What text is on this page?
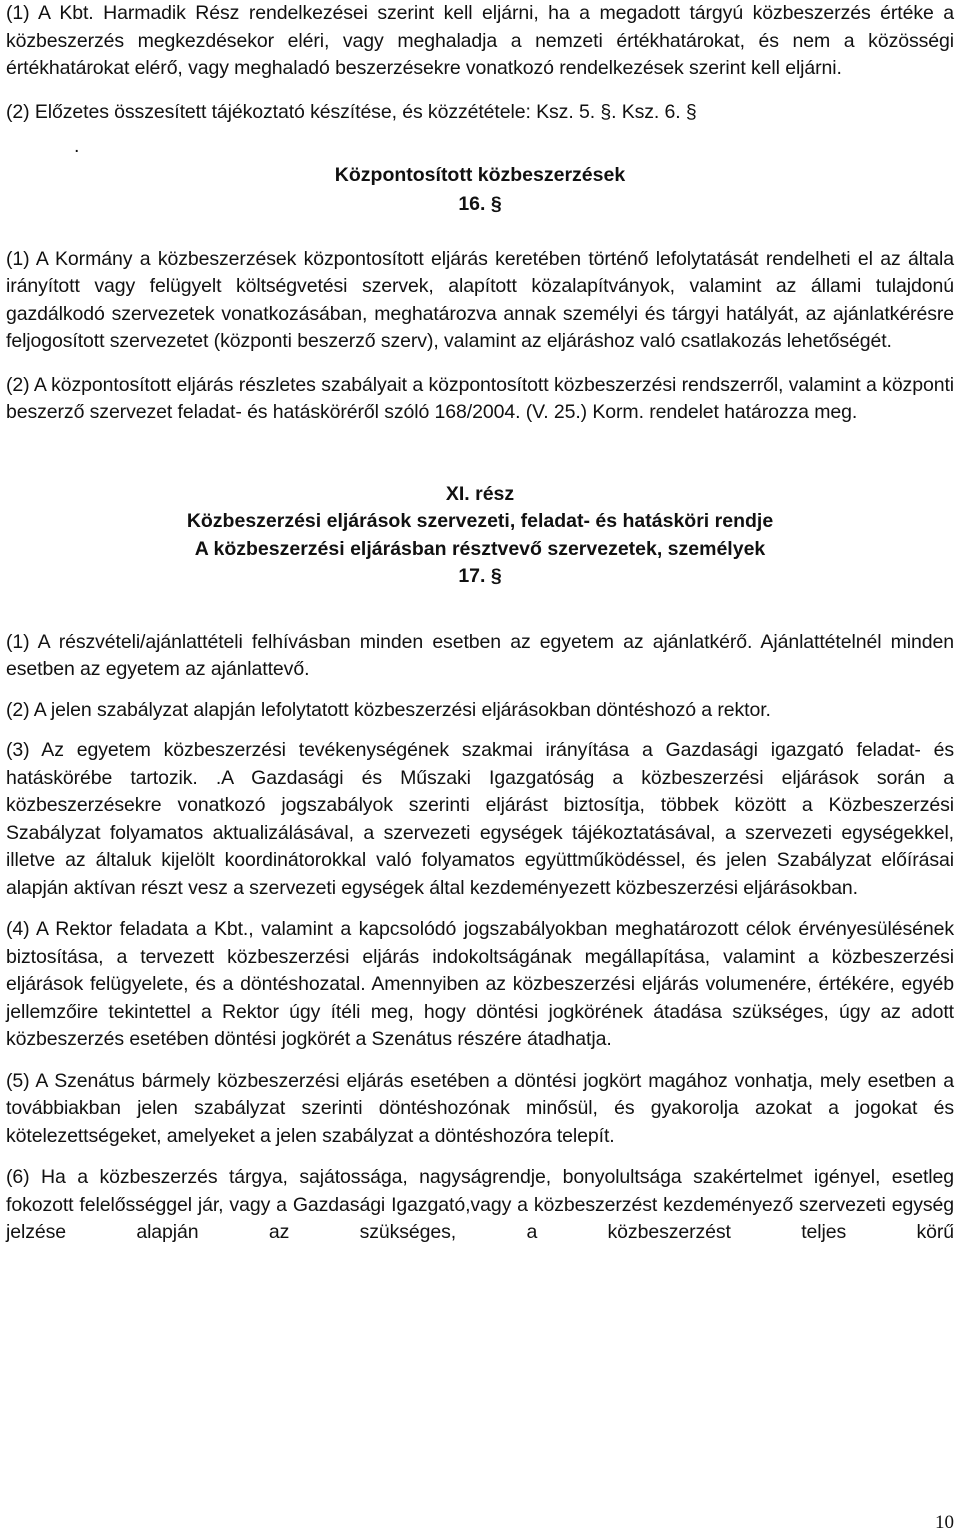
(1) A Kbt. Harmadik Rész rendelkezései szerint kell eljárni, ha a megadott tárgyú közbeszerzés értéke a közbeszerzés megkezdésekor eléri, vagy meghaladja a nemzeti értékhatárokat, és nem a közösségi értékhatárokat elérő, vagy meghaladó beszerzésekre vonatkozó rendelkezések szerint kell eljárni.

(2) Előzetes összesített tájékoztató készítése, és közzététele: Ksz. 5. §. Ksz. 6. §

.

Központosított közbeszerzések
16. §

(1) A Kormány a közbeszerzések központosított eljárás keretében történő lefolytatását rendelheti el az általa irányított vagy felügyelt költségvetési szervek, alapított közalapítványok, valamint az állami tulajdonú gazdálkodó szervezetek vonatkozásában, meghatározva annak személyi és tárgyi hatályát, az ajánlatkérésre feljogosított szervezetet (központi beszerző szerv), valamint az eljáráshoz való csatlakozás lehetőségét.

(2) A központosított eljárás részletes szabályait a központosított közbeszerzési rendszerről, valamint a központi beszerző szervezet feladat- és hatásköréről szóló 168/2004. (V. 25.) Korm. rendelet határozza meg.

XI. rész
Közbeszerzési eljárások szervezeti, feladat- és hatásköri rendje
A közbeszerzési eljárásban résztvevő szervezetek, személyek
17. §

(1) A részvételi/ajánlattételi felhívásban minden esetben az egyetem az ajánlatkérő. Ajánlattételnél minden esetben az egyetem az ajánlattevő.

(2) A jelen szabályzat alapján lefolytatott közbeszerzési eljárásokban döntéshozó a rektor.

(3) Az egyetem közbeszerzési tevékenységének szakmai irányítása a Gazdasági igazgató feladat- és hatáskörébe tartozik. .A Gazdasági és Műszaki Igazgatóság a közbeszerzési eljárások során a közbeszerzésekre vonatkozó jogszabályok szerinti eljárást biztosítja, többek között a Közbeszerzési Szabályzat folyamatos aktualizálásával, a szervezeti egységek tájékoztatásával, a szervezeti egységekkel, illetve az általuk kijelölt koordinátorokkal való folyamatos együttműködéssel, és jelen Szabályzat előírásai alapján aktívan részt vesz a szervezeti egységek által kezdeményezett közbeszerzési eljárásokban.

(4) A Rektor feladata a Kbt., valamint a kapcsolódó jogszabályokban meghatározott célok érvényesülésének biztosítása, a tervezett közbeszerzési eljárás indokoltságának megállapítása, valamint a közbeszerzési eljárások felügyelete, és a döntéshozatal. Amennyiben az közbeszerzési eljárás volumenére, értékére, egyéb jellemzőire tekintettel a Rektor úgy ítéli meg, hogy döntési jogkörének átadása szükséges, úgy az adott közbeszerzés esetében döntési jogkörét a Szenátus részére átadhatja.

(5) A Szenátus bármely közbeszerzési eljárás esetében a döntési jogkört magához vonhatja, mely esetben a továbbiakban jelen szabályzat szerinti döntéshozónak minősül, és gyakorolja azokat a jogokat és kötelezettségeket, amelyeket a jelen szabályzat a döntéshozóra telepít.

(6) Ha a közbeszerzés tárgya, sajátossága, nagyságrendje, bonyolultsága szakértelmet igényel, esetleg fokozott felelősséggel jár, vagy a Gazdasági Igazgató,vagy a közbeszerzést kezdeményező szervezeti egység jelzése alapján az szükséges, a közbeszerzést teljes körű

10
